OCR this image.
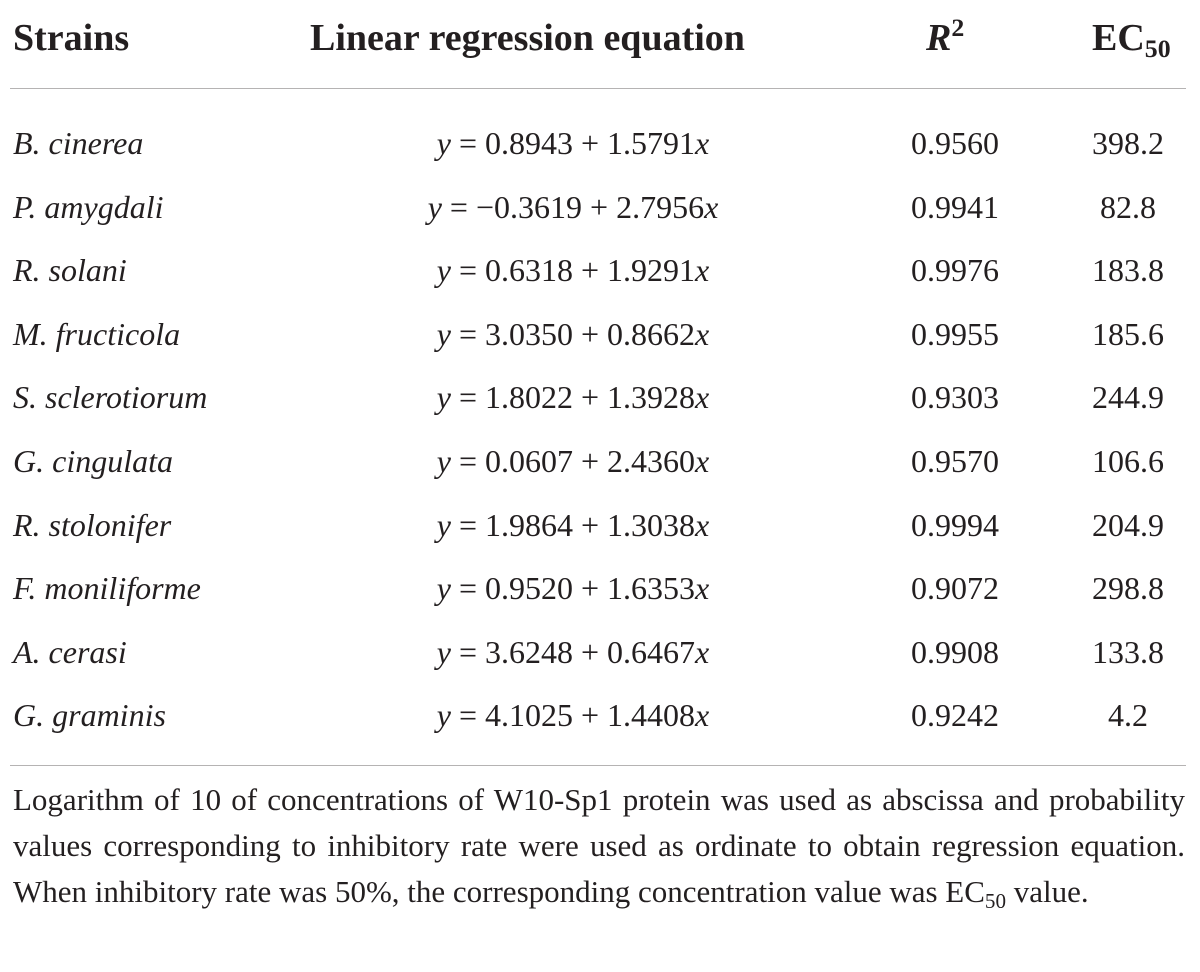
Strains	Linear regression equation	$R^2$	$EC_{50}$
B. cinerea	y = 0.8943 + 1.5791x	0.9560	398.2
P. amygdali	y = −0.3619 + 2.7956x	0.9941	82.8
R. solani	y = 0.6318 + 1.9291x	0.9976	183.8
M. fructicola	y = 3.0350 + 0.8662x	0.9955	185.6
S. sclerotiorum	y = 1.8022 + 1.3928x	0.9303	244.9
G. cingulata	y = 0.0607 + 2.4360x	0.9570	106.6
R. stolonifer	y = 1.9864 + 1.3038x	0.9994	204.9
F. moniliforme	y = 0.9520 + 1.6353x	0.9072	298.8
A. cerasi	y = 3.6248 + 0.6467x	0.9908	133.8
G. graminis	y = 4.1025 + 1.4408x	0.9242	4.2
Logarithm of 10 of concentrations of W10-Sp1 protein was used as abscissa and probability values corresponding to inhibitory rate were used as ordinate to obtain regression equation. When inhibitory rate was 50%, the corresponding concentration value was $EC_{50}$ value.
